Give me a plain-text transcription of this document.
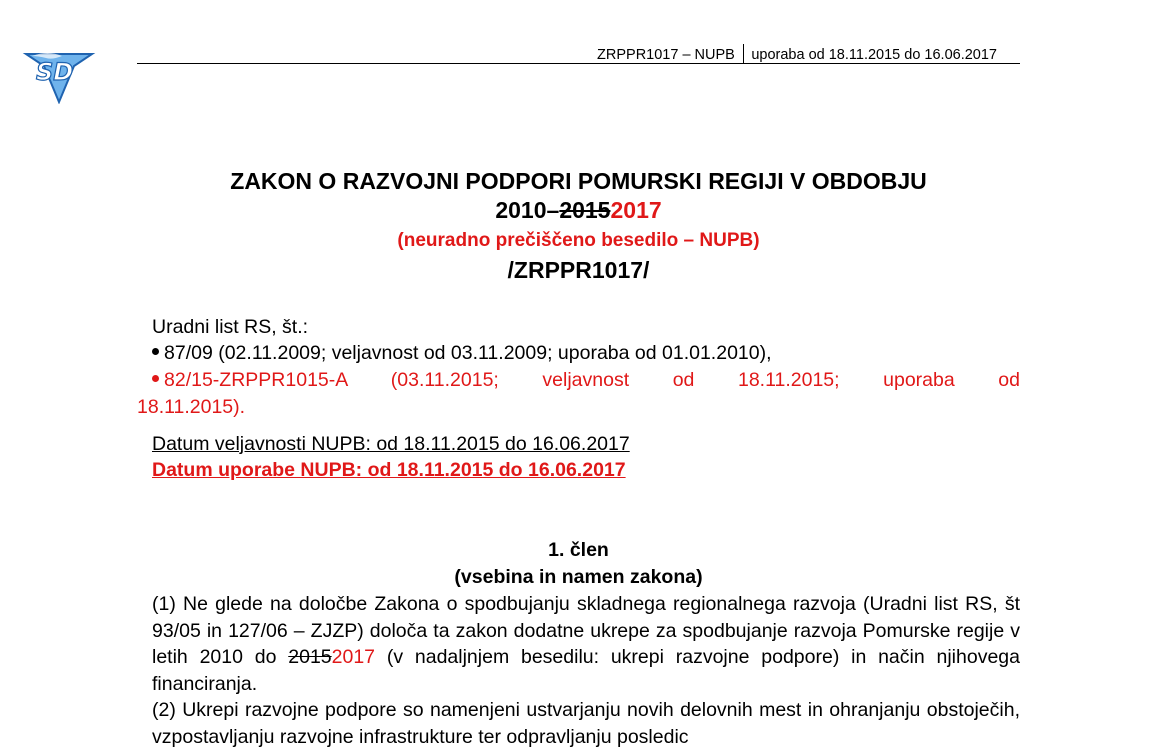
SD
ZRPPR1017 – NUPB uporaba od 18.11.2015 do 16.06.2017
ZAKON O RAZVOJNI PODPORI POMURSKI REGIJI V OBDOBJU
2010–20152017
(neuradno prečiščeno besedilo – NUPB)
/ZRPPR1017/
Uradni list RS, št.:
87/09 (02.11.2009; veljavnost od 03.11.2009; uporaba od 01.01.2010),
82/15-ZRPPR1015-A (03.11.2015; veljavnost od 18.11.2015; uporaba od
18.11.2015).
Datum veljavnosti NUPB: od 18.11.2015 do 16.06.2017
Datum uporabe NUPB: od 18.11.2015 do 16.06.2017
1. člen
(vsebina in namen zakona)
(1) Ne glede na določbe Zakona o spodbujanju skladnega regionalnega razvoja (Uradni list RS, št 93/05 in 127/06 – ZJZP) določa ta zakon dodatne ukrepe za spodbujanje razvoja Pomurske regije v letih 2010 do 20152017 (v nadaljnjem besedilu: ukrepi razvojne podpore) in način njihovega financiranja.
(2) Ukrepi razvojne podpore so namenjeni ustvarjanju novih delovnih mest in ohranjanju obstoječih, vzpostavljanju razvojne infrastrukture ter odpravljanju posledic
